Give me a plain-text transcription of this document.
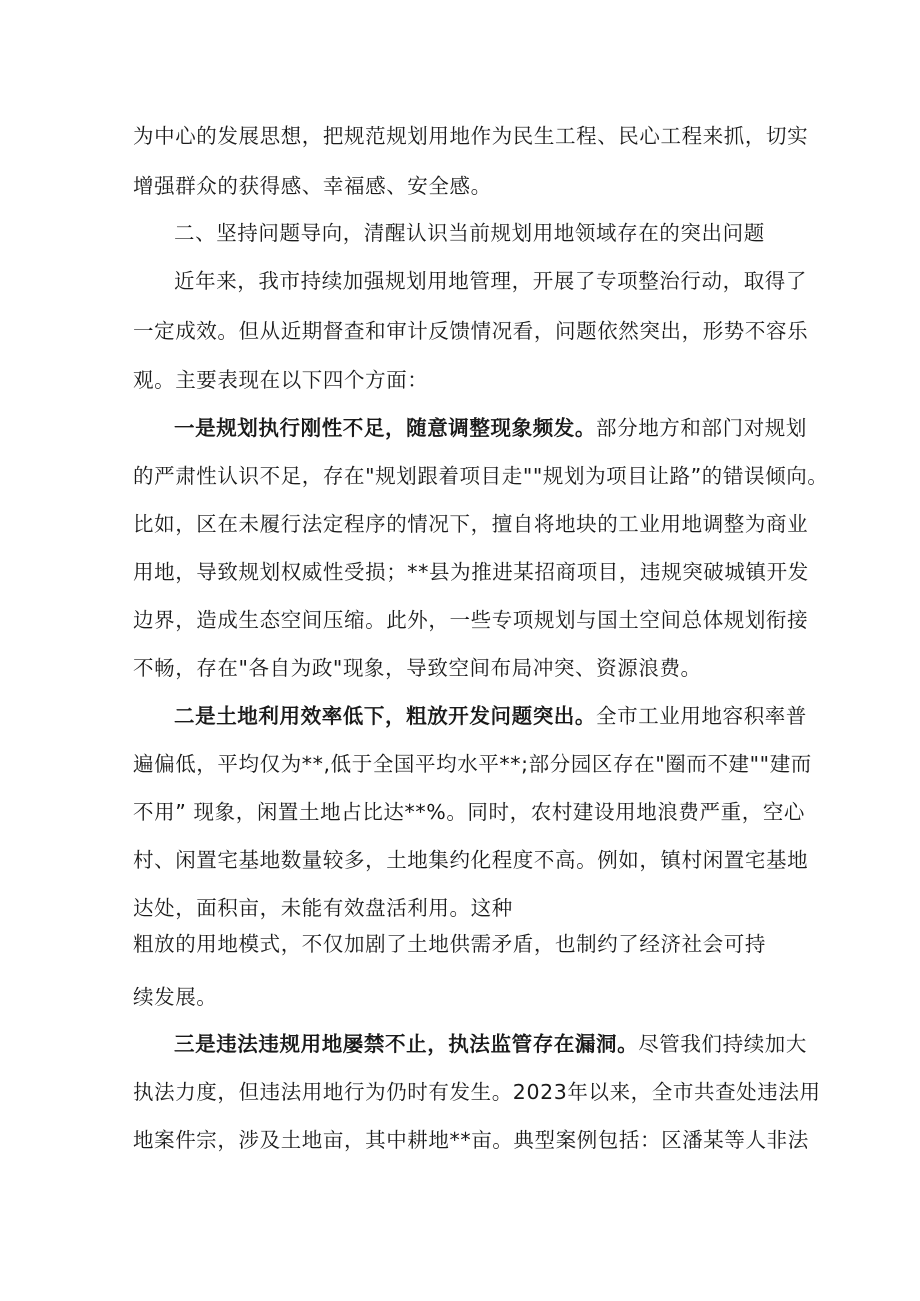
为中心的发展思想，把规范规划用地作为民生工程、民心工程来抓，切实
增强群众的获得感、幸福感、安全感。
二、坚持问题导向，清醒认识当前规划用地领域存在的突出问题
近年来，我市持续加强规划用地管理，开展了专项整治行动，取得了
一定成效。但从近期督查和审计反馈情况看，问题依然突出，形势不容乐
观。主要表现在以下四个方面：
一是规划执行刚性不足，随意调整现象频发。部分地方和部门对规划
的严肃性认识不足，存在"规划跟着项目走""规划为项目让路”的错误倾向。
比如，区在未履行法定程序的情况下，擅自将地块的工业用地调整为商业
用地，导致规划权威性受损；**县为推进某招商项目，违规突破城镇开发
边界，造成生态空间压缩。此外，一些专项规划与国土空间总体规划衔接
不畅，存在"各自为政"现象，导致空间布局冲突、资源浪费。
二是土地利用效率低下，粗放开发问题突出。全市工业用地容积率普
遍偏低，平均仅为**,低于全国平均水平**;部分园区存在"圈而不建""建而
不用” 现象，闲置土地占比达**%。同时，农村建设用地浪费严重，空心
村、闲置宅基地数量较多，土地集约化程度不高。例如，镇村闲置宅基地
达处，面积亩，未能有效盘活利用。这种
粗放的用地模式，不仅加剧了土地供需矛盾，也制约了经济社会可持
续发展。
三是违法违规用地屡禁不止，执法监管存在漏洞。尽管我们持续加大
执法力度，但违法用地行为仍时有发生。2023年以来，全市共查处违法用
地案件宗，涉及土地亩，其中耕地**亩。典型案例包括：区潘某等人非法
